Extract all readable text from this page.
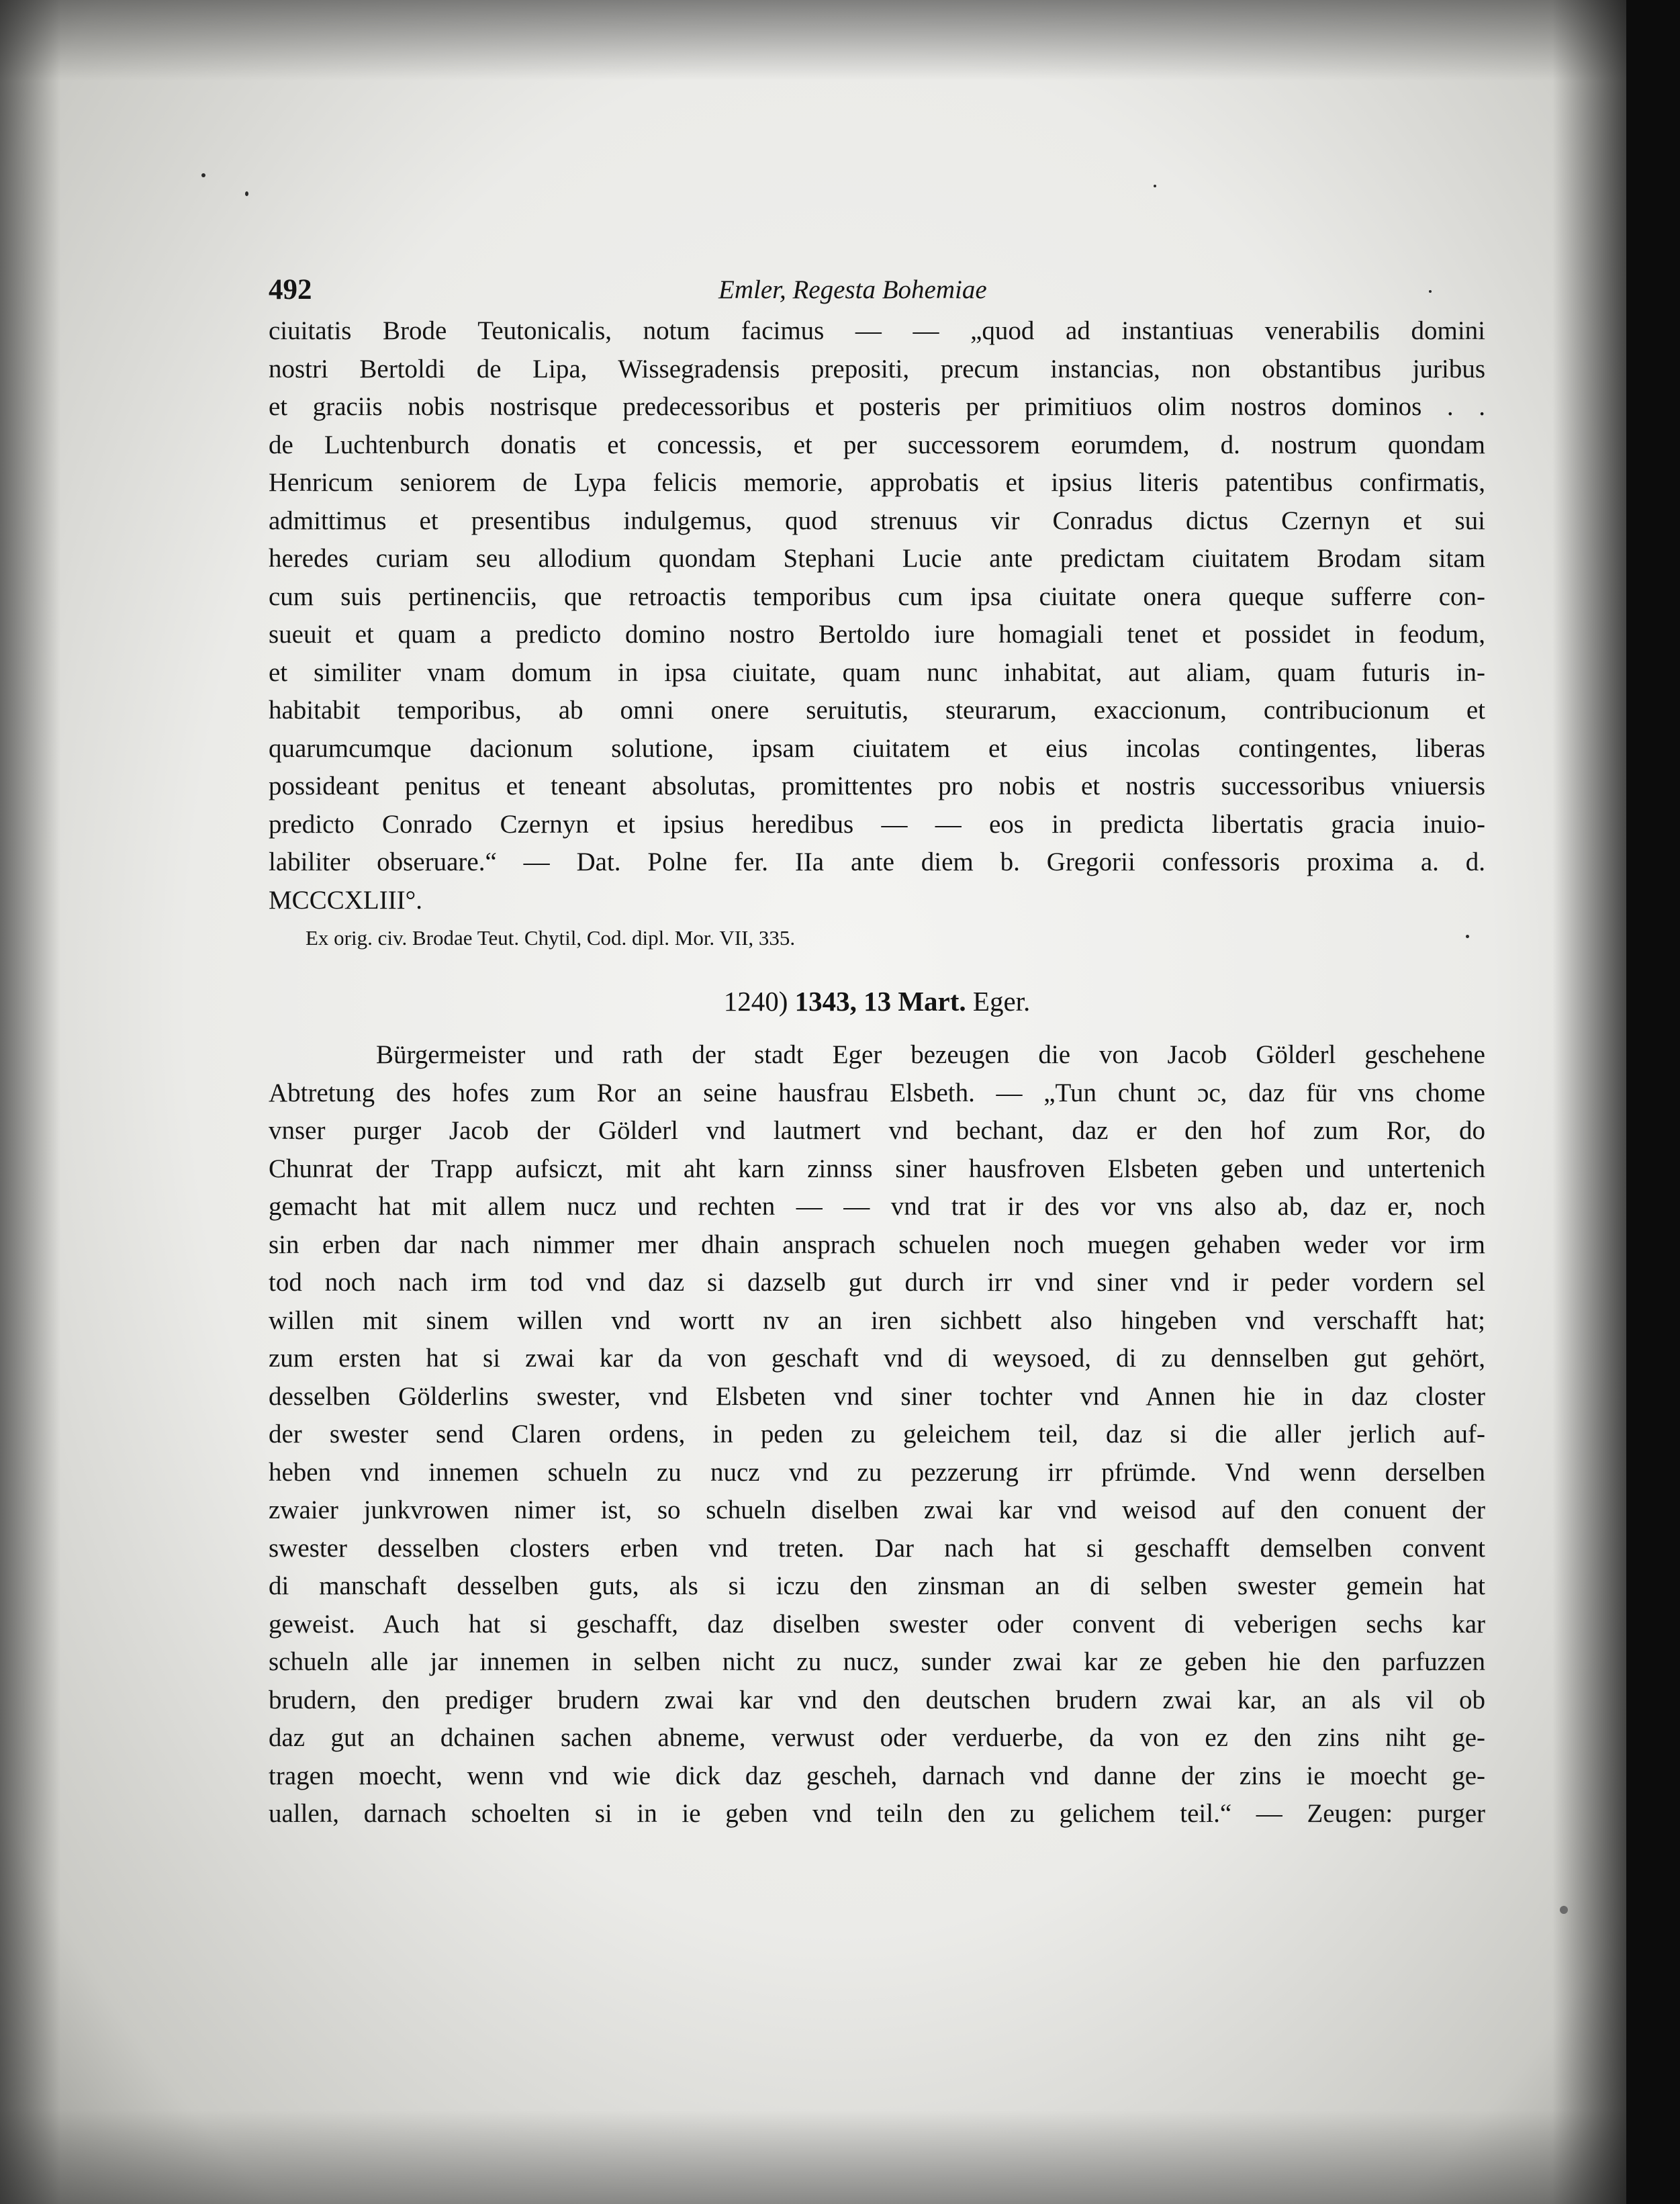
492	Emler, Regesta Bohemiae
ciuitatis Brode Teutonicalis, notum facimus — — „quod ad instantiuas venerabilis domini
nostri Bertoldi de Lipa, Wissegradensis prepositi, precum instancias, non obstantibus juribus
et graciis nobis nostrisque predecessoribus et posteris per primitiuos olim nostros dominos . .
de Luchtenburch donatis et concessis, et per successorem eorumdem, d. nostrum quondam
Henricum seniorem de Lypa felicis memorie, approbatis et ipsius literis patentibus confirmatis,
admittimus et presentibus indulgemus, quod strenuus vir Conradus dictus Czernyn et sui
heredes curiam seu allodium quondam Stephani Lucie ante predictam ciuitatem Brodam sitam
cum suis pertinenciis, que retroactis temporibus cum ipsa ciuitate onera queque sufferre con-
sueuit et quam a predicto domino nostro Bertoldo iure homagiali tenet et possidet in feodum,
et similiter vnam domum in ipsa ciuitate, quam nunc inhabitat, aut aliam, quam futuris in-
habitabit temporibus, ab omni onere seruitutis, steurarum, exaccionum, contribucionum et
quarumcumque dacionum solutione, ipsam ciuitatem et eius incolas contingentes, liberas
possideant penitus et teneant absolutas, promittentes pro nobis et nostris successoribus vniuersis
predicto Conrado Czernyn et ipsius heredibus — — eos in predicta libertatis gracia inuio-
labiliter obseruare.“ — Dat. Polne fer. IIa ante diem b. Gregorii confessoris proxima a. d.
MCCCXLIII°.
Ex orig. civ. Brodae Teut. Chytil, Cod. dipl. Mor. VII, 335.
1240) 1343, 13 Mart. Eger.
Bürgermeister und rath der stadt Eger bezeugen die von Jacob Gölderl geschehene
Abtretung des hofes zum Ror an seine hausfrau Elsbeth. — „Tun chunt ɔc, daz für vns chome
vnser purger Jacob der Gölderl vnd lautmert vnd bechant, daz er den hof zum Ror, do
Chunrat der Trapp aufsiczt, mit aht karn zinnss siner hausfroven Elsbeten geben und untertenich
gemacht hat mit allem nucz und rechten — — vnd trat ir des vor vns also ab, daz er, noch
sin erben dar nach nimmer mer dhain ansprach schuelen noch muegen gehaben weder vor irm
tod noch nach irm tod vnd daz si dazselb gut durch irr vnd siner vnd ir peder vordern sel
willen mit sinem willen vnd wortt nv an iren sichbett also hingeben vnd verschafft hat;
zum ersten hat si zwai kar da von geschaft vnd di weysoed, di zu dennselben gut gehört,
desselben Gölderlins swester, vnd Elsbeten vnd siner tochter vnd Annen hie in daz closter
der swester send Claren ordens, in peden zu geleichem teil, daz si die aller jerlich auf-
heben vnd innemen schueln zu nucz vnd zu pezzerung irr pfrümde. Vnd wenn derselben
zwaier junkvrowen nimer ist, so schueln diselben zwai kar vnd weisod auf den conuent der
swester desselben closters erben vnd treten. Dar nach hat si geschafft demselben convent
di manschaft desselben guts, als si iczu den zinsman an di selben swester gemein hat
geweist. Auch hat si geschafft, daz diselben swester oder convent di veberigen sechs kar
schueln alle jar innemen in selben nicht zu nucz, sunder zwai kar ze geben hie den parfuzzen
brudern, den prediger brudern zwai kar vnd den deutschen brudern zwai kar, an als vil ob
daz gut an dchainen sachen abneme, verwust oder verduerbe, da von ez den zins niht ge-
tragen moecht, wenn vnd wie dick daz gescheh, darnach vnd danne der zins ie moecht ge-
uallen, darnach schoelten si in ie geben vnd teiln den zu gelichem teil.“ — Zeugen: purger
